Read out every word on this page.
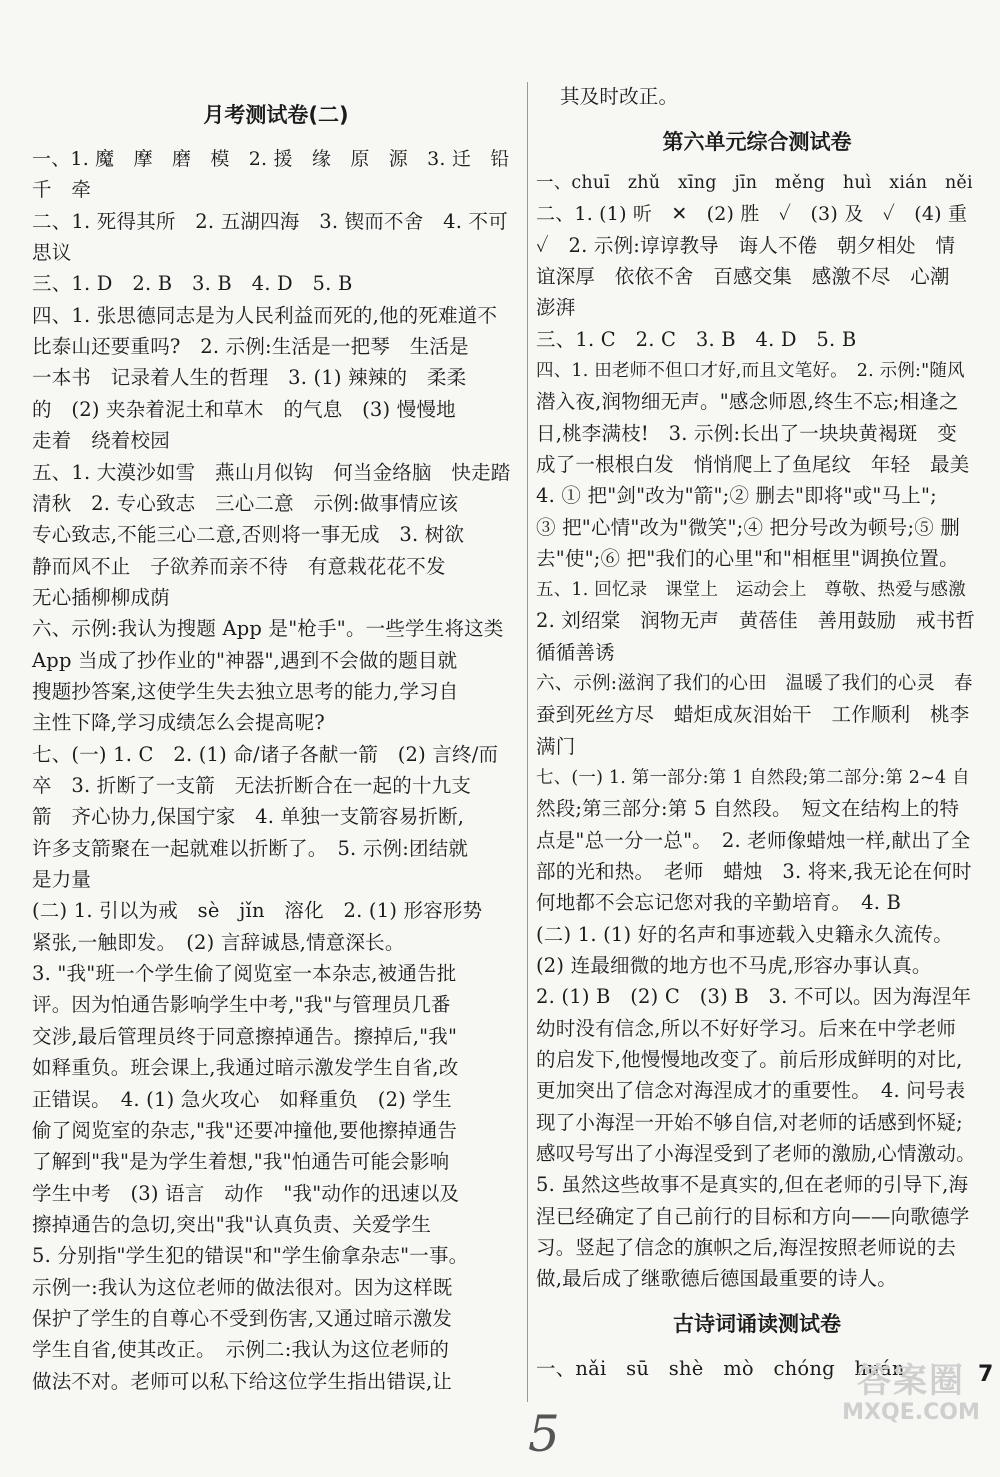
月考测试卷(二)
一、1. 魔　摩　磨　模　2. 援　缘　原　源　3. 迁　铅
千　牵
二、1. 死得其所　2. 五湖四海　3. 锲而不舍　4. 不可
思议
三、1. D　2. B　3. B　4. D　5. B
四、1. 张思德同志是为人民利益而死的,他的死难道不
比泰山还要重吗?　2. 示例:生活是一把琴　生活是
一本书　记录着人生的哲理　3. (1) 辣辣的　柔柔
的　(2) 夹杂着泥土和草木　的气息　(3) 慢慢地
走着　绕着校园
五、1. 大漠沙如雪　燕山月似钩　何当金络脑　快走踏
清秋　2. 专心致志　三心二意　示例:做事情应该
专心致志,不能三心二意,否则将一事无成　3. 树欲
静而风不止　子欲养而亲不待　有意栽花花不发
无心插柳柳成荫
六、示例:我认为搜题 App 是"枪手"。一些学生将这类
App 当成了抄作业的"神器",遇到不会做的题目就
搜题抄答案,这使学生失去独立思考的能力,学习自
主性下降,学习成绩怎么会提高呢?
七、(一) 1. C　2. (1) 命/诸子各献一箭　(2) 言终/而
卒　3. 折断了一支箭　无法折断合在一起的十九支
箭　齐心协力,保国宁家　4. 单独一支箭容易折断,
许多支箭聚在一起就难以折断了。　5. 示例:团结就
是力量
(二) 1. 引以为戒　sè　jǐn　溶化　2. (1) 形容形势
紧张,一触即发。　(2) 言辞诚恳,情意深长。
3. "我"班一个学生偷了阅览室一本杂志,被通告批
评。因为怕通告影响学生中考,"我"与管理员几番
交涉,最后管理员终于同意擦掉通告。擦掉后,"我"
如释重负。班会课上,我通过暗示激发学生自省,改
正错误。　4. (1) 急火攻心　如释重负　(2) 学生
偷了阅览室的杂志,"我"还要冲撞他,要他擦掉通告
了解到"我"是为学生着想,"我"怕通告可能会影响
学生中考　(3) 语言　动作　"我"动作的迅速以及
擦掉通告的急切,突出"我"认真负责、关爱学生
5. 分别指"学生犯的错误"和"学生偷拿杂志"一事。
示例一:我认为这位老师的做法很对。因为这样既
保护了学生的自尊心不受到伤害,又通过暗示激发
学生自省,使其改正。　示例二:我认为这位老师的
做法不对。老师可以私下给这位学生指出错误,让
其及时改正。
第六单元综合测试卷
一、chuī　zhǔ　xīng　jīn　měng　huì　xián　něi
二、1. (1) 听　✕　(2) 胜　✓　(3) 及　✓　(4) 重
✓　2. 示例:谆谆教导　诲人不倦　朝夕相处　情
谊深厚　依依不舍　百感交集　感激不尽　心潮
澎湃
三、1. C　2. C　3. B　4. D　5. B
四、1. 田老师不但口才好,而且文笔好。　2. 示例:"随风
潜入夜,润物细无声。"感念师恩,终生不忘;相逢之
日,桃李满枝!　3. 示例:长出了一块块黄褐斑　变
成了一根根白发　悄悄爬上了鱼尾纹　年轻　最美
4. ① 把"剑"改为"箭";② 删去"即将"或"马上";
③ 把"心情"改为"微笑";④ 把分号改为顿号;⑤ 删
去"使";⑥ 把"我们的心里"和"相框里"调换位置。
五、1. 回忆录　课堂上　运动会上　尊敬、热爱与感激
2. 刘绍棠　润物无声　黄蓓佳　善用鼓励　戒书哲
循循善诱
六、示例:滋润了我们的心田　温暖了我们的心灵　春
蚕到死丝方尽　蜡炬成灰泪始干　工作顺利　桃李
满门
七、(一) 1. 第一部分:第 1 自然段;第二部分:第 2~4 自
然段;第三部分:第 5 自然段。　短文在结构上的特
点是"总一分一总"。　2. 老师像蜡烛一样,献出了全
部的光和热。　老师　蜡烛　3. 将来,我无论在何时
何地都不会忘记您对我的辛勤培育。　4. B
(二) 1. (1) 好的名声和事迹载入史籍永久流传。
(2) 连最细微的地方也不马虎,形容办事认真。
2. (1) B　(2) C　(3) B　3. 不可以。因为海涅年
幼时没有信念,所以不好好学习。后来在中学老师
的启发下,他慢慢地改变了。前后形成鲜明的对比,
更加突出了信念对海涅成才的重要性。　4. 问号表
现了小海涅一开始不够自信,对老师的话感到怀疑;
感叹号写出了小海涅受到了老师的激励,心情激动。
5. 虽然这些故事不是真实的,但在老师的引导下,海
涅已经确定了自己前行的目标和方向——向歌德学
习。竖起了信念的旗帜之后,海涅按照老师说的去
做,最后成了继歌德后德国最重要的诗人。
古诗词诵读测试卷
一、nǎi　sū　shè　mò　chóng　huán	7
答案圈
MXQE.COM
5
